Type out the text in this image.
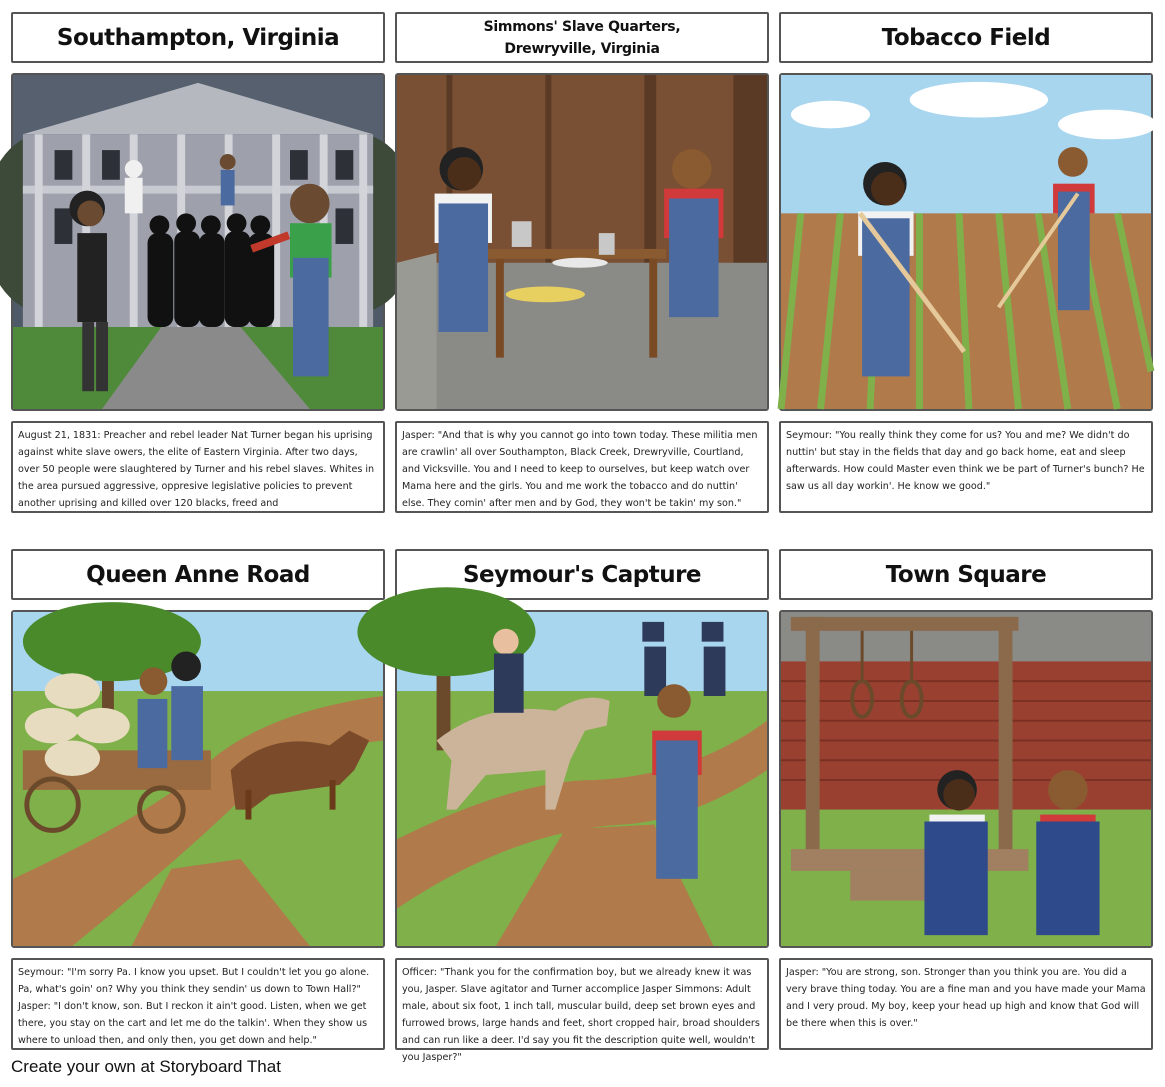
Southampton, Virginia	Simmons' Slave Quarters,
Drewryville, Virginia	Tobacco Field

August 21, 1831: Preacher and rebel leader Nat Turner began his uprising against white slave owers, the elite of Eastern Virginia. After two days, over 50 people were slaughtered by Turner and his rebel slaves. Whites in the area pursued aggressive, oppresive legislative policies to prevent another uprising and killed over 120 blacks, freed and

Jasper: "And that is why you cannot go into town today. These militia men are crawlin' all over Southampton, Black Creek, Drewryville, Courtland, and Vicksville. You and I need to keep to ourselves, but keep watch over Mama here and the girls. You and me work the tobacco and do nuttin' else. They comin' after men and by God, they won't be takin' my son."

Seymour: "You really think they come for us? You and me? We didn't do nuttin' but stay in the fields that day and go back home, eat and sleep afterwards. How could Master even think we be part of Turner's bunch? He saw us all day workin'. He know we good."

Queen Anne Road	Seymour's Capture	Town Square

Seymour: "I'm sorry Pa. I know you upset. But I couldn't let you go alone. Pa, what's goin' on? Why you think they sendin' us down to Town Hall?"

Jasper: "I don't know, son. But I reckon it ain't good. Listen, when we get there, you stay on the cart and let me do the talkin'. When they show us where to unload then, and only then, you get down and help."

Officer: "Thank you for the confirmation boy, but we already knew it was you, Jasper. Slave agitator and Turner accomplice Jasper Simmons: Adult male, about six foot, 1 inch tall, muscular build, deep set brown eyes and furrowed brows, large hands and feet, short cropped hair, broad shoulders and can run like a deer. I'd say you fit the description quite well, wouldn't you Jasper?"

Jasper: "You are strong, son. Stronger than you think you are. You did a very brave thing today. You are a fine man and you have made your Mama and I very proud. My boy, keep your head up high and know that God will be there when this is over."

Create your own at Storyboard That
